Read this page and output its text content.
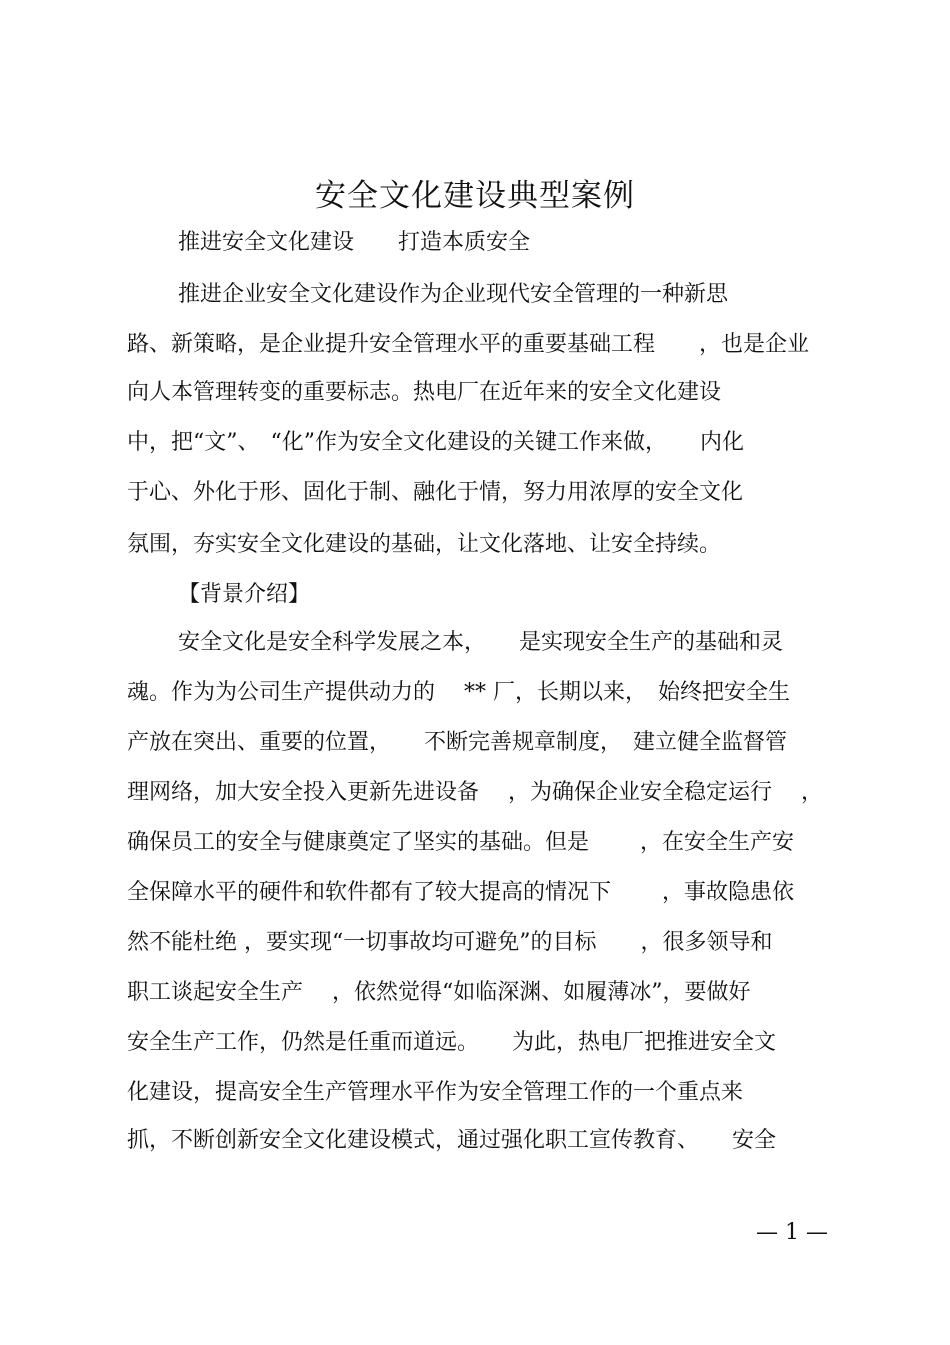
安全文化建设典型案例
推进安全文化建设　　打造本质安全
推进企业安全文化建设作为企业现代安全管理的一种新思
路、新策略，是企业提升安全管理水平的重要基础工程　　，也是企业
向人本管理转变的重要标志。热电厂在近年来的安全文化建设
中，把“文”、　“化”作为安全文化建设的关键工作来做，　　内化
于心、外化于形、固化于制、融化于情，努力用浓厚的安全文化
氛围，夯实安全文化建设的基础，让文化落地、让安全持续。
【背景介绍】
安全文化是安全科学发展之本，　　是实现安全生产的基础和灵
魂。作为为公司生产提供动力的　 ** 厂，长期以来，　始终把安全生
产放在突出、重要的位置，　　不断完善规章制度，　建立健全监督管
理网络，加大安全投入更新先进设备　 ，为确保企业安全稳定运行　 ，
确保员工的安全与健康奠定了坚实的基础。但是　　 ，在安全生产安
全保障水平的硬件和软件都有了较大提高的情况下　　 ，事故隐患依
然不能杜绝 ，要实现“一切事故均可避免”的目标　　，很多领导和
职工谈起安全生产　 ，依然觉得“如临深渊、如履薄冰”，要做好
安全生产工作，仍然是任重而道远。　　为此，热电厂把推进安全文
化建设，提高安全生产管理水平作为安全管理工作的一个重点来
抓，不断创新安全文化建设模式，通过强化职工宣传教育、　　安全
— 1 —
